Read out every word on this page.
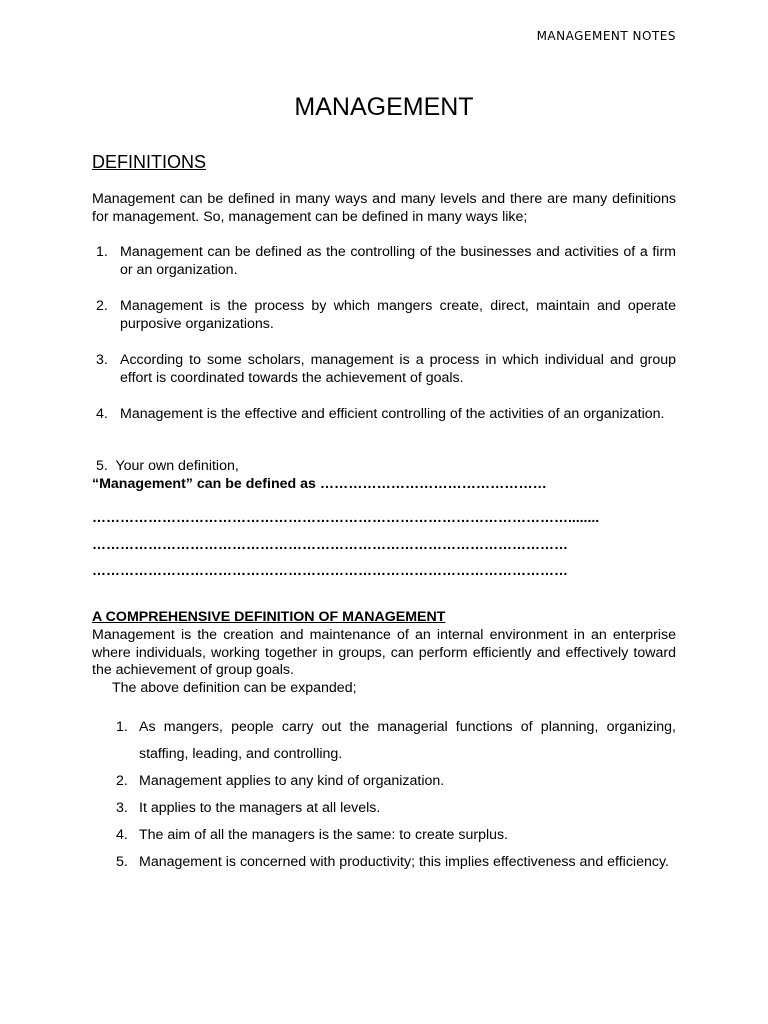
MANAGEMENT NOTES
MANAGEMENT
DEFINITIONS
Management can be defined in many ways and many levels and there are many definitions for management. So, management can be defined in many ways like;
1. Management can be defined as the controlling of the businesses and activities of a firm or an organization.
2. Management is the process by which mangers create, direct, maintain and operate purposive organizations.
3. According to some scholars, management is a process in which individual and group effort is coordinated towards the achievement of goals.
4. Management is the effective and efficient controlling of the activities of an organization.
5. Your own definition,
“Management” can be defined as …………………………………………
…………………………………………………………………………………………........
…………………………………………………………………………………………
…………………………………………………………………………………………
A COMPREHENSIVE DEFINITION OF MANAGEMENT
Management is the creation and maintenance of an internal environment in an enterprise where individuals, working together in groups, can perform efficiently and effectively toward the achievement of group goals.
The above definition can be expanded;
1. As mangers, people carry out the managerial functions of planning, organizing, staffing, leading, and controlling.
2. Management applies to any kind of organization.
3. It applies to the managers at all levels.
4. The aim of all the managers is the same: to create surplus.
5. Management is concerned with productivity; this implies effectiveness and efficiency.
